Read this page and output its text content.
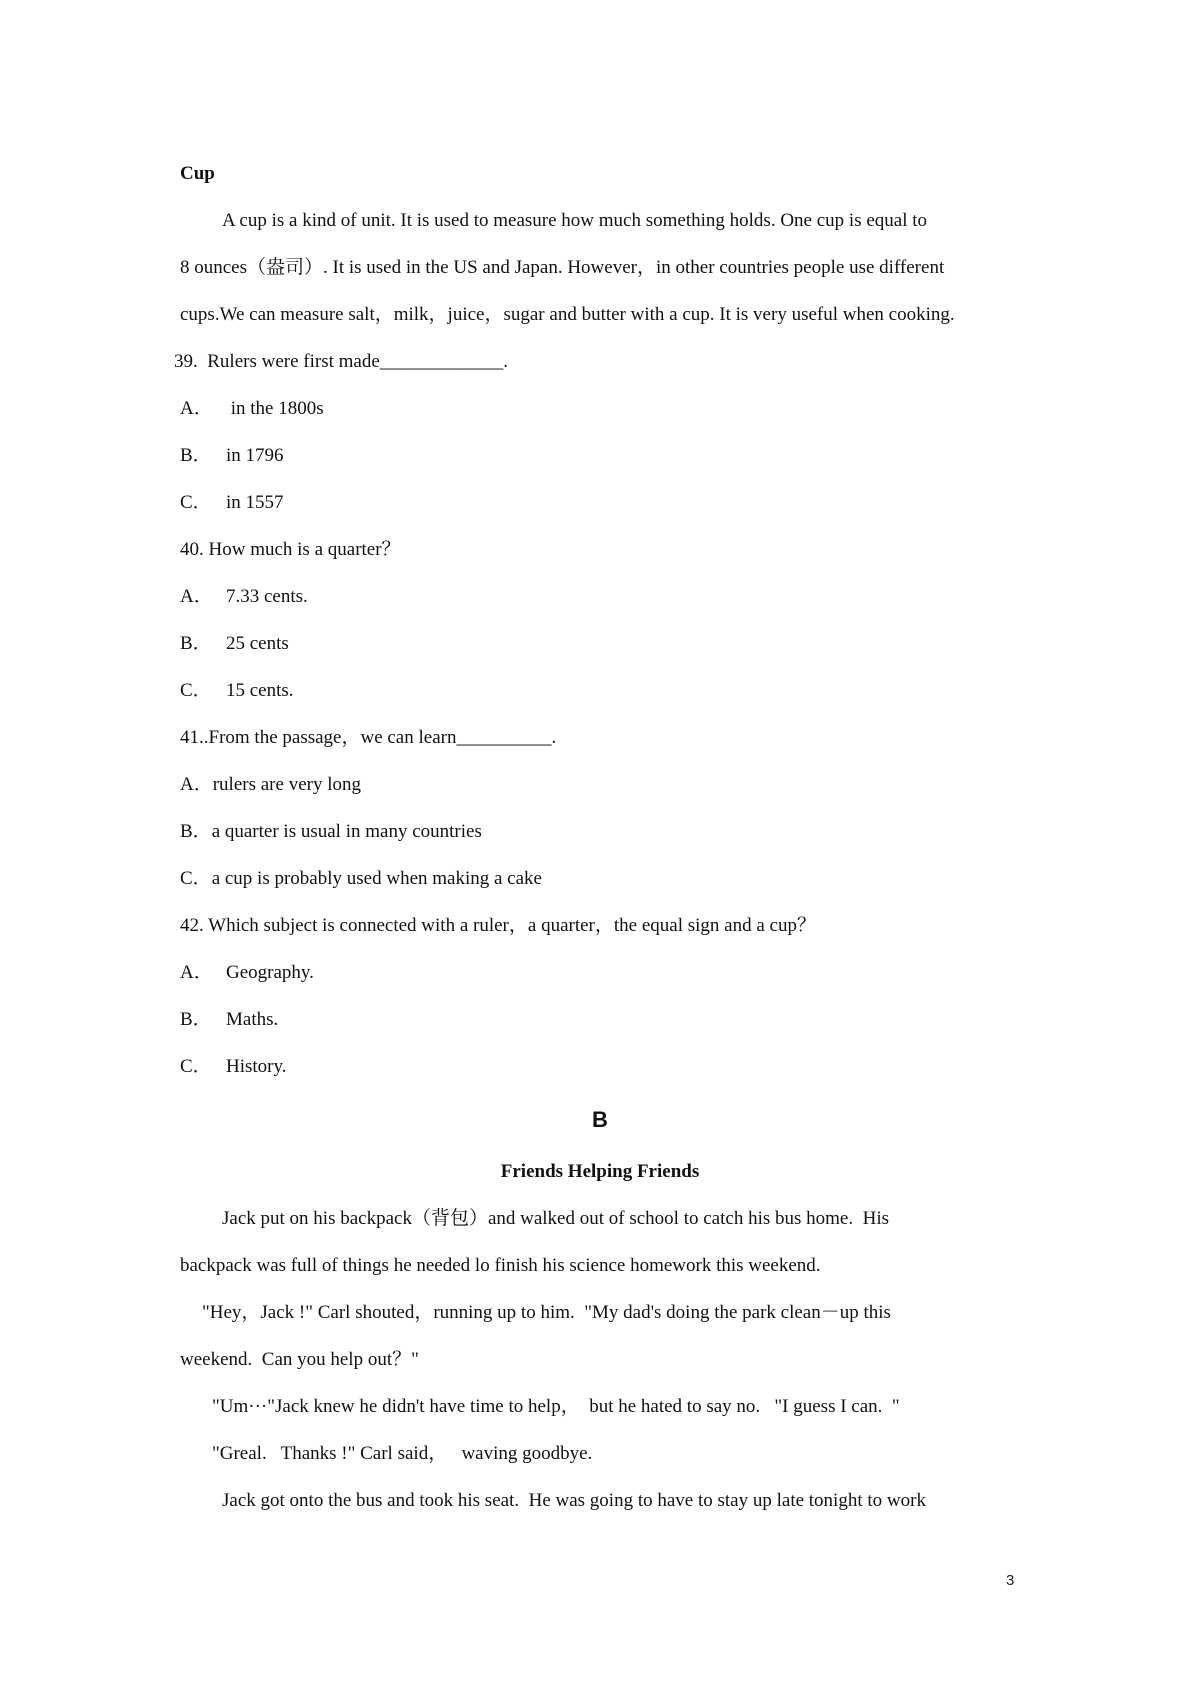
Cup
A cup is a kind of unit. It is used to measure how much something holds. One cup is equal to
8 ounces（盎司）. It is used in the US and Japan. However，in other countries people use different
cups.We can measure salt，milk，juice，sugar and butter with a cup. It is very useful when cooking.
39.  Rulers were first made_____________.
A． in the 1800s
B． in 1796
C． in 1557
40. How much is a quarter？
A． 7.33 cents.
B． 25 cents
C． 15 cents.
41..From the passage，we can learn__________.
A．rulers are very long
B．a quarter is usual in many countries
C．a cup is probably used when making a cake
42. Which subject is connected with a ruler，a quarter，the equal sign and a cup？
A． Geography.
B． Maths.
C． History.
B
Friends Helping Friends
Jack put on his backpack（背包）and walked out of school to catch his bus home.  His
backpack was full of things he needed lo finish his science homework this weekend.
"Hey，Jack !" Carl shouted，running up to him.  "My dad's doing the park clean－up this
weekend.  Can you help out？"
"Um···"Jack knew he didn't have time to help，  but he hated to say no.   "I guess I can.  "
"Greal.   Thanks !" Carl said，   waving goodbye.
Jack got onto the bus and took his seat.  He was going to have to stay up late tonight to work
3
